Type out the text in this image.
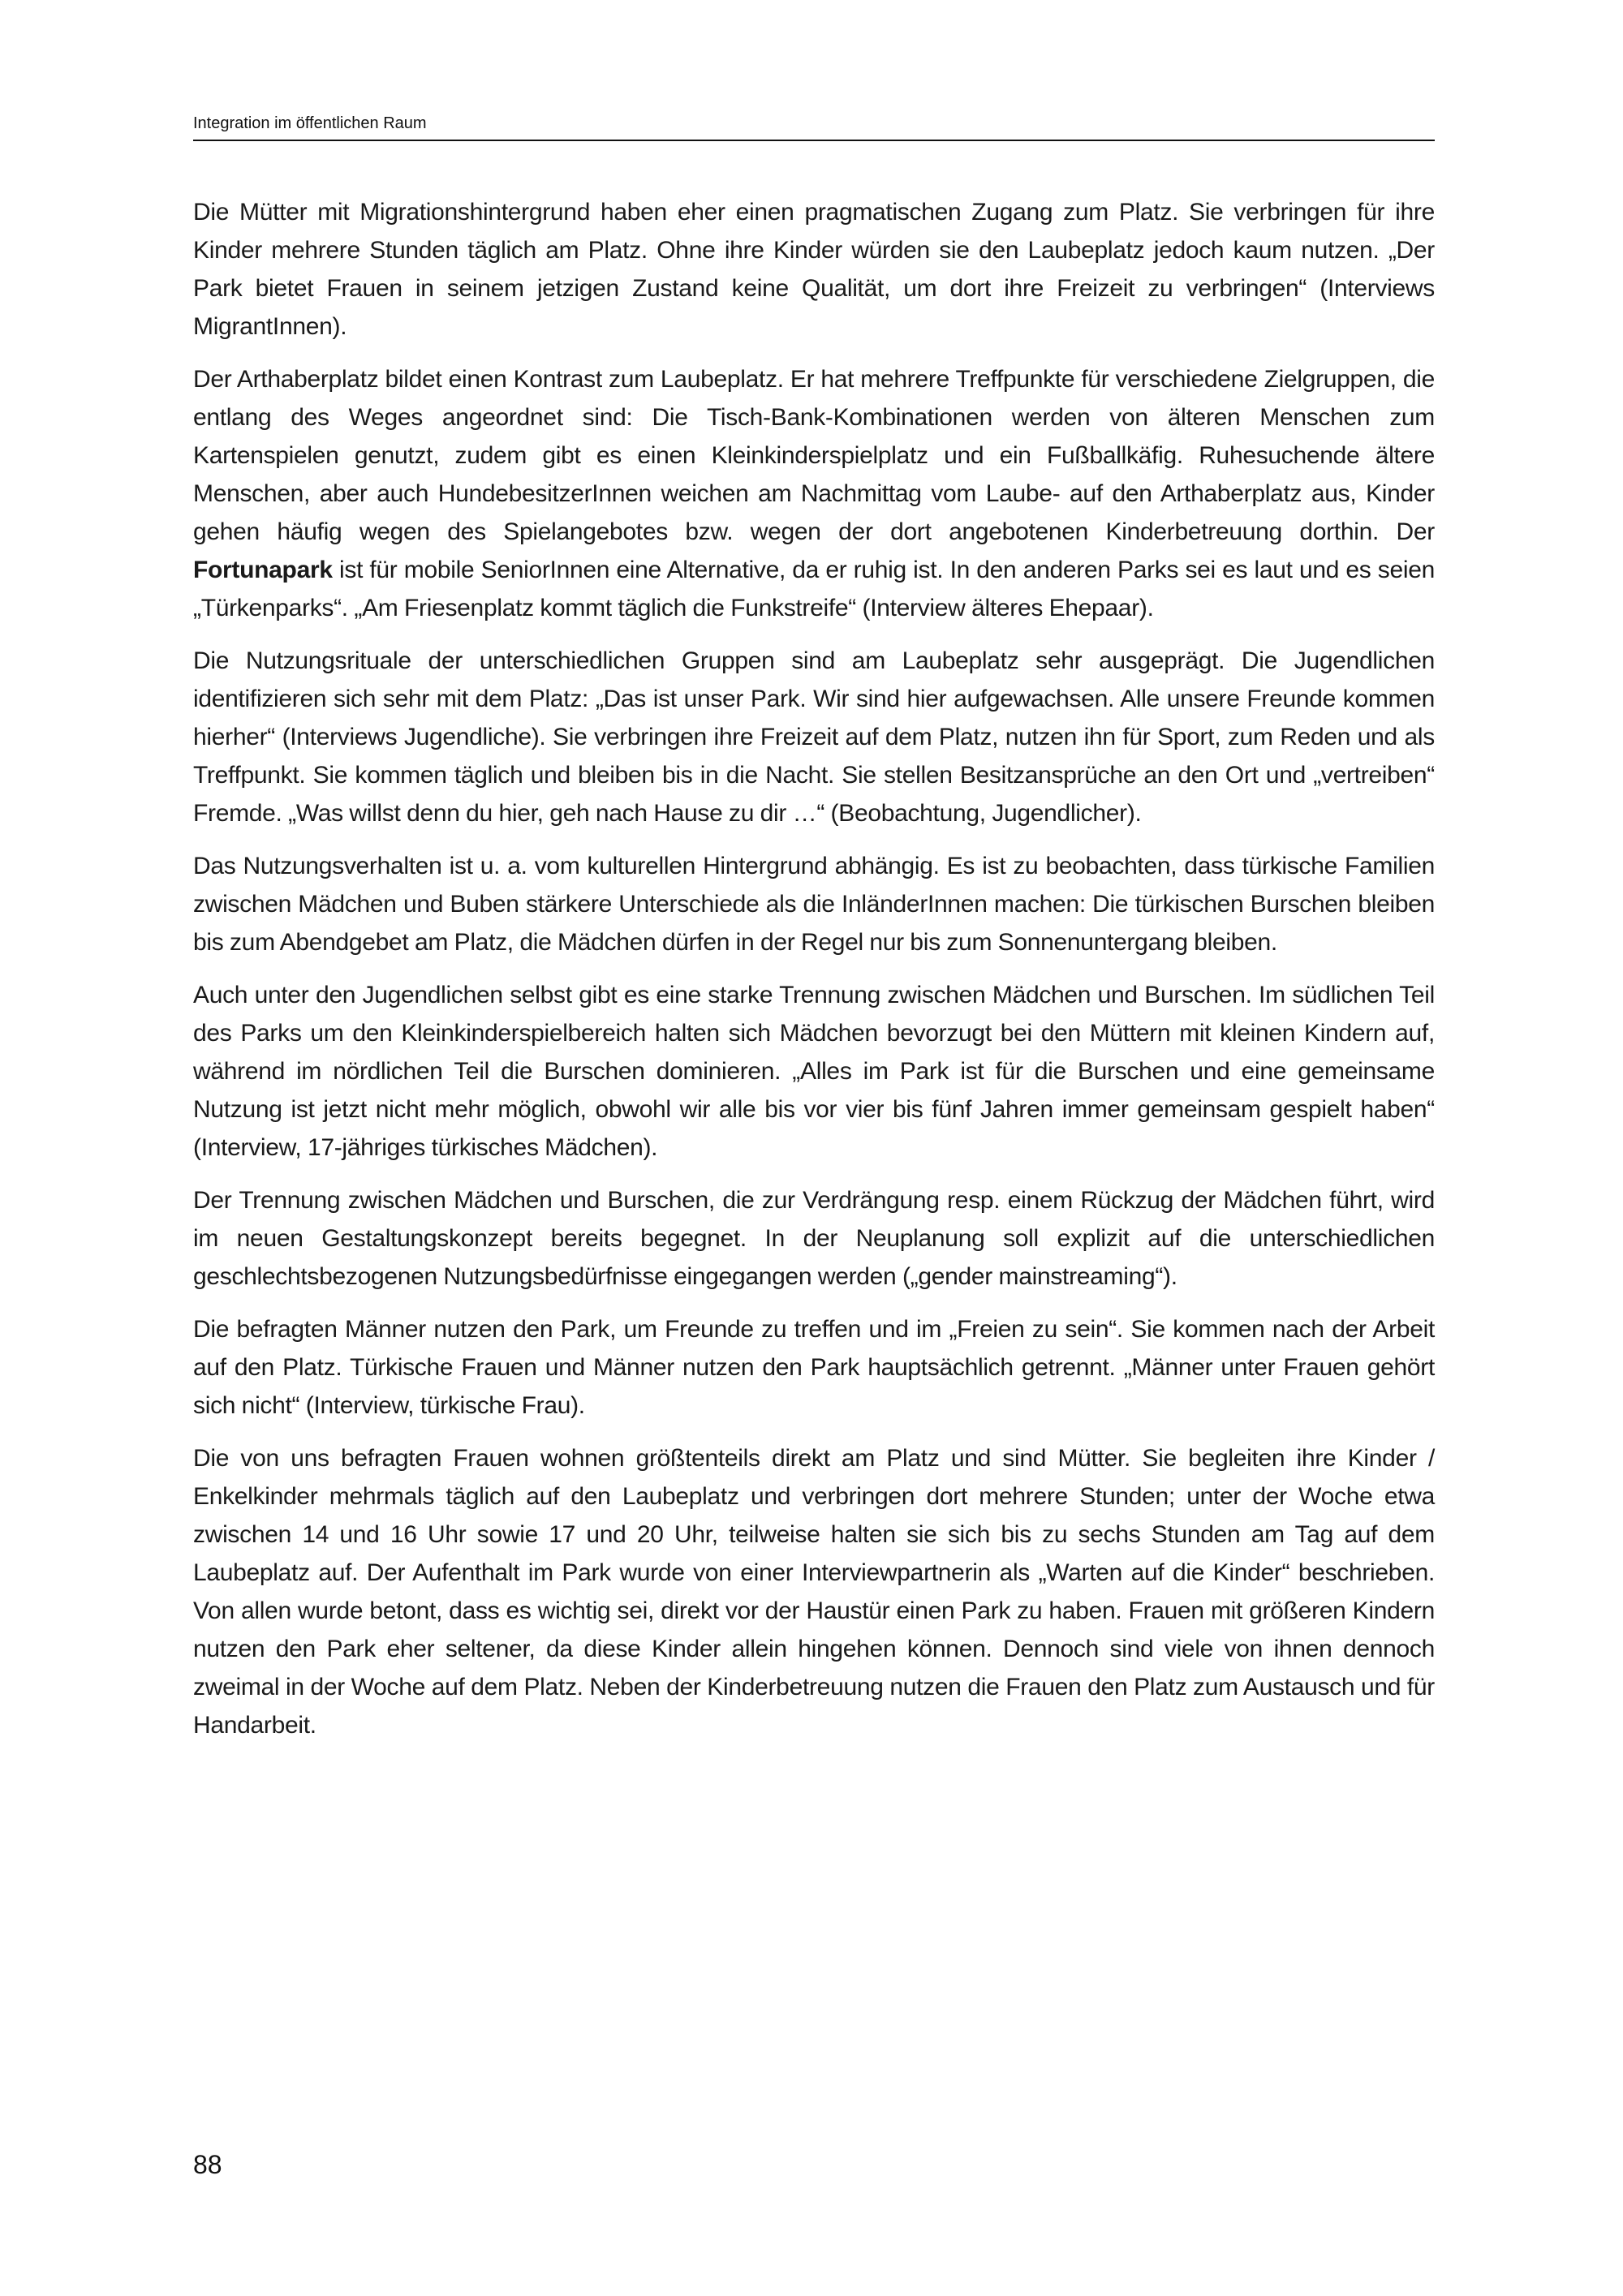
Integration im öffentlichen Raum

Die Mütter mit Migrationshintergrund haben eher einen pragmatischen Zugang zum Platz. Sie verbringen für ihre Kinder mehrere Stunden täglich am Platz. Ohne ihre Kinder würden sie den Laubeplatz jedoch kaum nutzen. „Der Park bietet Frauen in seinem jetzigen Zustand keine Qualität, um dort ihre Freizeit zu verbringen“ (Interviews MigrantInnen).

Der Arthaberplatz bildet einen Kontrast zum Laubeplatz. Er hat mehrere Treffpunkte für verschiedene Zielgruppen, die entlang des Weges angeordnet sind: Die Tisch-Bank-Kombinationen werden von älteren Menschen zum Kartenspielen genutzt, zudem gibt es einen Kleinkinderspielplatz und ein Fußballkäfig. Ruhesuchende ältere Menschen, aber auch HundebesitzerInnen weichen am Nachmittag vom Laube- auf den Arthaberplatz aus, Kinder gehen häufig wegen des Spielangebotes bzw. wegen der dort angebotenen Kinderbetreuung dorthin. Der Fortunapark ist für mobile SeniorInnen eine Alternative, da er ruhig ist. In den anderen Parks sei es laut und es seien „Türkenparks“. „Am Friesenplatz kommt täglich die Funkstreife“ (Interview älteres Ehepaar).

Die Nutzungsrituale der unterschiedlichen Gruppen sind am Laubeplatz sehr ausgeprägt. Die Jugendlichen identifizieren sich sehr mit dem Platz: „Das ist unser Park. Wir sind hier aufgewachsen. Alle unsere Freunde kommen hierher“ (Interviews Jugendliche). Sie verbringen ihre Freizeit auf dem Platz, nutzen ihn für Sport, zum Reden und als Treffpunkt. Sie kommen täglich und bleiben bis in die Nacht. Sie stellen Besitzansprüche an den Ort und „vertreiben“ Fremde. „Was willst denn du hier, geh nach Hause zu dir …“ (Beobachtung, Jugendlicher).

Das Nutzungsverhalten ist u. a. vom kulturellen Hintergrund abhängig. Es ist zu beobachten, dass türkische Familien zwischen Mädchen und Buben stärkere Unterschiede als die InländerInnen machen: Die türkischen Burschen bleiben bis zum Abendgebet am Platz, die Mädchen dürfen in der Regel nur bis zum Sonnenuntergang bleiben.

Auch unter den Jugendlichen selbst gibt es eine starke Trennung zwischen Mädchen und Burschen. Im südlichen Teil des Parks um den Kleinkinderspielbereich halten sich Mädchen bevorzugt bei den Müttern mit kleinen Kindern auf, während im nördlichen Teil die Burschen dominieren. „Alles im Park ist für die Burschen und eine gemeinsame Nutzung ist jetzt nicht mehr möglich, obwohl wir alle bis vor vier bis fünf Jahren immer gemeinsam gespielt haben“ (Interview, 17-jähriges türkisches Mädchen).

Der Trennung zwischen Mädchen und Burschen, die zur Verdrängung resp. einem Rückzug der Mädchen führt, wird im neuen Gestaltungskonzept bereits begegnet. In der Neuplanung soll explizit auf die unterschiedlichen geschlechtsbezogenen Nutzungsbedürfnisse eingegangen werden („gender mainstreaming“).

Die befragten Männer nutzen den Park, um Freunde zu treffen und im „Freien zu sein“. Sie kommen nach der Arbeit auf den Platz. Türkische Frauen und Männer nutzen den Park hauptsächlich getrennt. „Männer unter Frauen gehört sich nicht“ (Interview, türkische Frau).

Die von uns befragten Frauen wohnen größtenteils direkt am Platz und sind Mütter. Sie begleiten ihre Kinder / Enkelkinder mehrmals täglich auf den Laubeplatz und verbringen dort mehrere Stunden; unter der Woche etwa zwischen 14 und 16 Uhr sowie 17 und 20 Uhr, teilweise halten sie sich bis zu sechs Stunden am Tag auf dem Laubeplatz auf. Der Aufenthalt im Park wurde von einer Interviewpartnerin als „Warten auf die Kinder“ beschrieben. Von allen wurde betont, dass es wichtig sei, direkt vor der Haustür einen Park zu haben. Frauen mit größeren Kindern nutzen den Park eher seltener, da diese Kinder allein hingehen können. Dennoch sind viele von ihnen dennoch zweimal in der Woche auf dem Platz. Neben der Kinderbetreuung nutzen die Frauen den Platz zum Austausch und für Handarbeit.

88
